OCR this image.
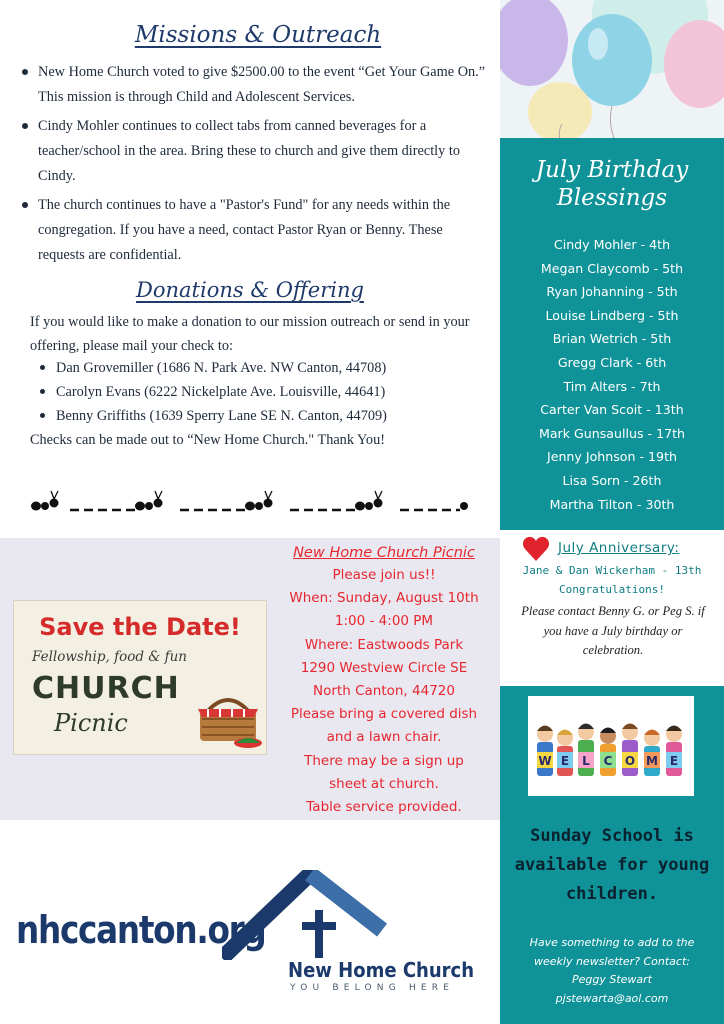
Missions & Outreach
New Home Church voted to give $2500.00 to the event “Get Your Game On.” This mission is through Child and Adolescent Services.
Cindy Mohler continues to collect tabs from canned beverages for a teacher/school in the area. Bring these to church and give them directly to Cindy.
The church continues to have a "Pastor's Fund" for any needs within the congregation. If you have a need, contact Pastor Ryan or Benny. These requests are confidential.
Donations & Offering
If you would like to make a donation to our mission outreach or send in your offering, please mail your check to:
Dan Grovemiller (1686 N. Park Ave. NW Canton, 44708)
Carolyn Evans (6222 Nickelplate Ave. Louisville, 44641)
Benny Griffiths (1639 Sperry Lane SE N. Canton, 44709)
Checks can be made out to “New Home Church." Thank You!
Save the Date!
Fellowship, food & fun
CHURCH
Picnic
New Home Church Picnic
Please join us!!
When: Sunday, August 10th
1:00 - 4:00 PM
Where: Eastwoods Park
1290 Westview Circle SE
North Canton, 44720
Please bring a covered dish
and a lawn chair.
There may be a sign up
sheet at church.
Table service provided.
nhccanton.org
New Home Church
YOU BELONG HERE
July Birthday
Blessings
Cindy Mohler - 4th
Megan Claycomb - 5th
Ryan Johanning - 5th
Louise Lindberg - 5th
Brian Wetrich - 5th
Gregg Clark - 6th
Tim Alters - 7th
Carter Van Scoit - 13th
Mark Gunsaullus - 17th
Jenny Johnson - 19th
Lisa Sorn - 26th
Martha Tilton - 30th
July Anniversary:
Jane & Dan Wickerham - 13th
Congratulations!
Please contact Benny G. or Peg S. if you have a July birthday or celebration.
W E L C O M E
Sunday School is
available for young
children.
Have something to add to the
weekly newsletter? Contact:
Peggy Stewart
pjstewarta@aol.com
